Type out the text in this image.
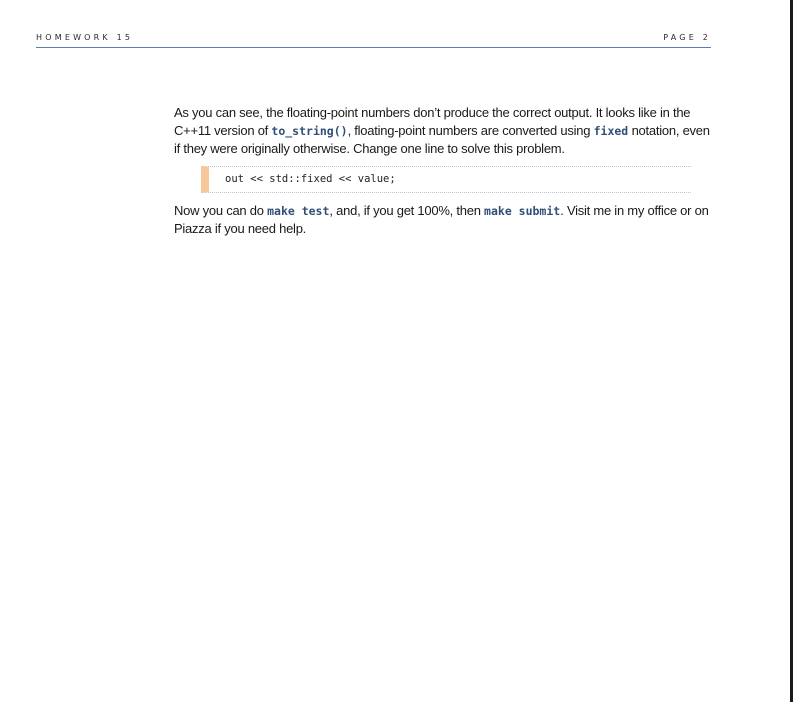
HOMEWORK 15	PAGE 2

As you can see, the floating-point numbers don’t produce the correct output. It looks like in the C++11 version of to_string(), floating-point numbers are converted using fixed notation, even if they were originally otherwise. Change one line to solve this problem.

out << std::fixed << value;

Now you can do make test, and, if you get 100%, then make submit. Visit me in my office or on Piazza if you need help.
